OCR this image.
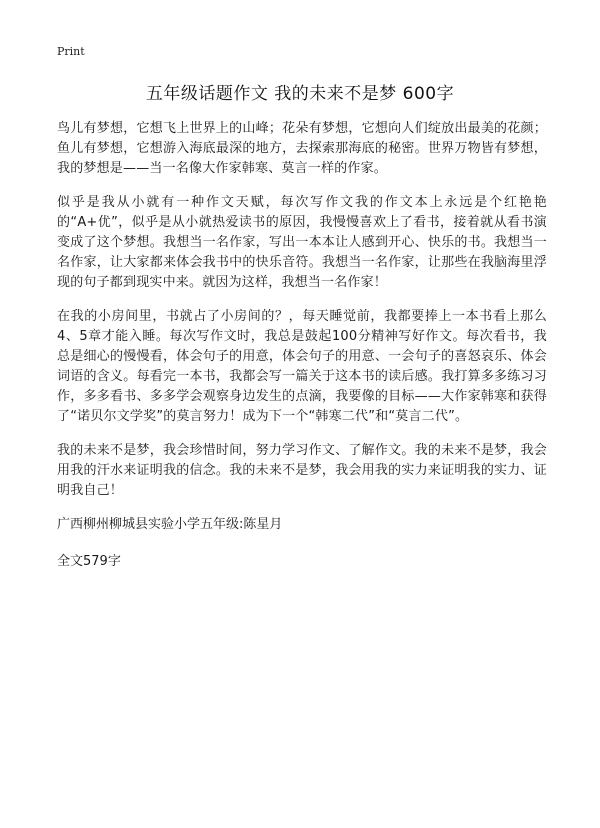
Print
五年级话题作文 我的未来不是梦 600字

鸟儿有梦想，它想飞上世界上的山峰；花朵有梦想，它想向人们绽放出最美的花颜；鱼儿有梦想，它想游入海底最深的地方，去探索那海底的秘密。世界万物皆有梦想，我的梦想是——当一名像大作家韩寒、莫言一样的作家。

似乎是我从小就有一种作文天赋，每次写作文我的作文本上永远是个红艳艳的“A+优”，似乎是从小就热爱读书的原因，我慢慢喜欢上了看书，接着就从看书演变成了这个梦想。我想当一名作家，写出一本本让人感到开心、快乐的书。我想当一名作家，让大家都来体会我书中的快乐音符。我想当一名作家，让那些在我脑海里浮现的句子都到现实中来。就因为这样，我想当一名作家！

在我的小房间里，书就占了小房间的？，每天睡觉前，我都要捧上一本书看上那么4、5章才能入睡。每次写作文时，我总是鼓起100分精神写好作文。每次看书，我总是细心的慢慢看，体会句子的用意，体会句子的用意、一会句子的喜怒哀乐、体会词语的含义。每看完一本书，我都会写一篇关于这本书的读后感。我打算多多练习习作，多多看书、多多学会观察身边发生的点滴，我要像的目标——大作家韩寒和获得了“诺贝尔文学奖”的莫言努力！成为下一个“韩寒二代”和“莫言二代”。

我的未来不是梦，我会珍惜时间，努力学习作文、了解作文。我的未来不是梦，我会用我的汗水来证明我的信念。我的未来不是梦，我会用我的实力来证明我的实力、证明我自己！

广西柳州柳城县实验小学五年级:陈星月

全文579字
